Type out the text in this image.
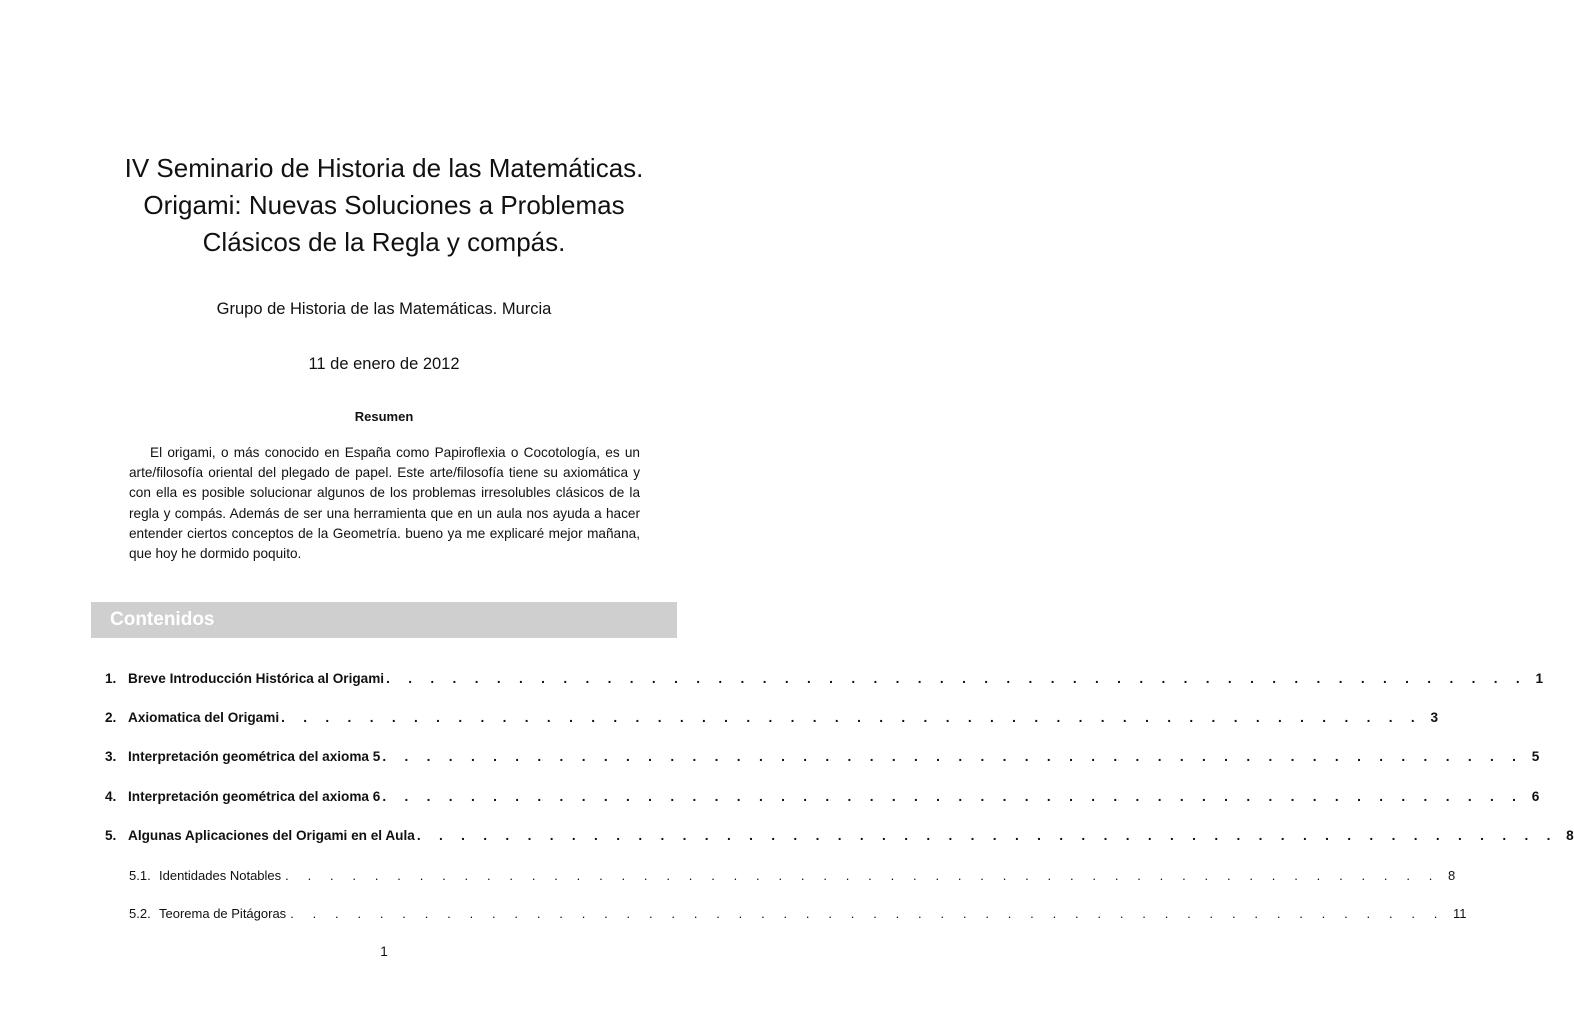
IV Seminario de Historia de las Matemáticas.
Origami: Nuevas Soluciones a Problemas
Clásicos de la Regla y compás.
Grupo de Historia de las Matemáticas. Murcia
11 de enero de 2012
Resumen

El origami, o más conocido en España como Papiroflexia o Cocotología, es un arte/filosofía oriental del plegado de papel. Este arte/filosofía tiene su axiomática y con ella es posible solucionar algunos de los problemas irresolubles clásicos de la regla y compás. Además de ser una herramienta que en un aula nos ayuda a hacer entender ciertos conceptos de la Geometría. bueno ya me explicaré mejor mañana, que hoy he dormido poquito.

Contenidos
1. Breve Introducción Histórica al Origami . . . . . . . . . . . . . . . . . . . . . . . . . . . . . . . . . . . . . . . . . . . . . . . . . . . . 1
2. Axiomatica del Origami . . . . . . . . . . . . . . . . . . . . . . . . . . . . . . . . . . . . . . . . . . . . . . . . . . . . 3
3. Interpretación geométrica del axioma 5 . . . . . . . . . . . . . . . . . . . . . . . . . . . . . . . . . . . . . . . . . . . . . . . . . . . . 5
4. Interpretación geométrica del axioma 6 . . . . . . . . . . . . . . . . . . . . . . . . . . . . . . . . . . . . . . . . . . . . . . . . . . . . 6
5. Algunas Aplicaciones del Origami en el Aula . . . . . . . . . . . . . . . . . . . . . . . . . . . . . . . . . . . . . . . . . . . . . . . . . . . . 8
5.1. Identidades Notables . . . . . . . . . . . . . . . . . . . . . . . . . . . . . . . . . . . . . . . . . . . . . . . . . . . . 8
5.2. Teorema de Pitágoras . . . . . . . . . . . . . . . . . . . . . . . . . . . . . . . . . . . . . . . . . . . . . . . . . . . . 11
1
